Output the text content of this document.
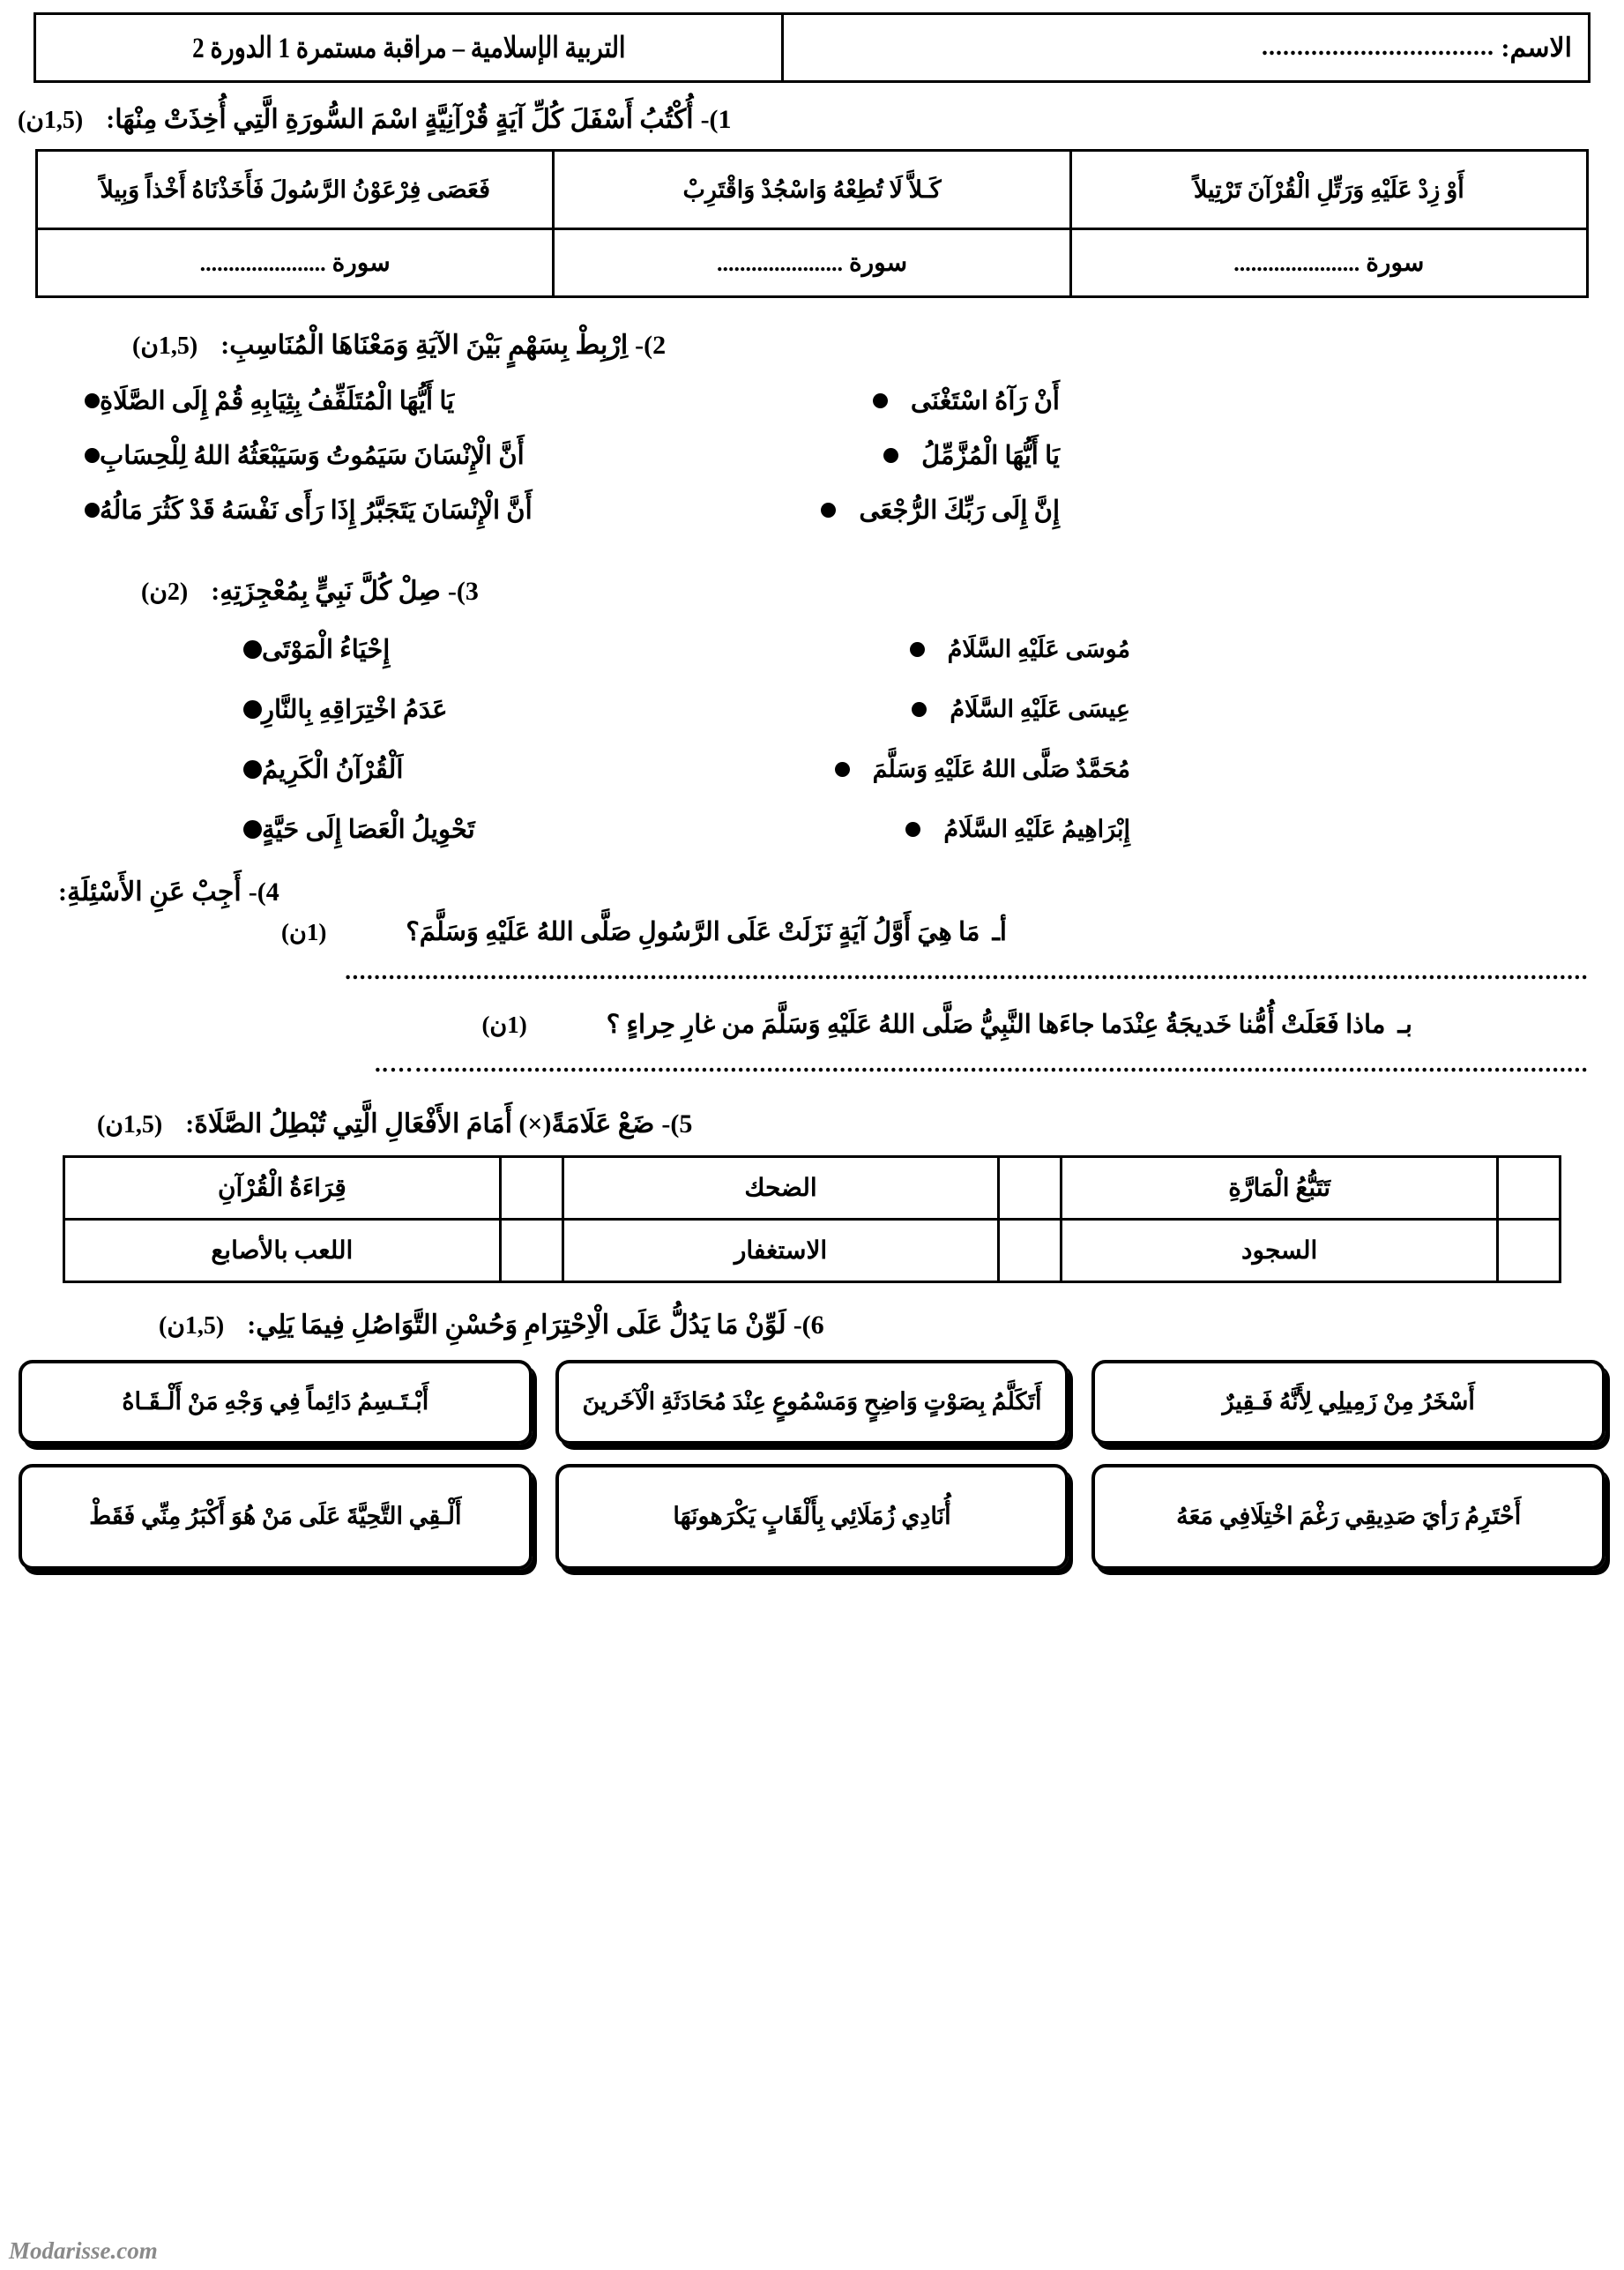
الاسم: .................................	التربية الإسلامية – مراقبة مستمرة 1 الدورة 2
1)-
أُكْتُبُ أَسْفَلَ كُلِّ آيَةٍ قُرْآنِيَّةٍ اسْمَ السُّورَةِ الَّتِي أُخِذَتْ مِنْهَا:
(1,5ن)
أَوْ زِدْ عَلَيْهِ وَرَتِّلِ الْقُرْآنَ تَرْتِيلاً	كَـلاَّ لَا تُطِعْهُ وَاسْجُدْ وَاقْتَرِبْ	فَعَصَى فِرْعَوْنُ الرَّسُولَ فَأَخَذْنَاهُ أَخْذاً وَبِيلاً
سورة ......................	سورة ......................	سورة ......................
2)-
اِرْبِطْ بِسَهْمٍ بَيْنَ الآيَةِ وَمَعْنَاهَا الْمُنَاسِبِ:
(1,5ن)
أَنْ رَآهُ اسْتَغْنَى
يَا أَيُّهَا الْمُتَلَفِّفُ بِثِيَابِهِ قُمْ إِلَى الصَّلَاةِ
يَا أَيُّهَا الْمُزَّمِّلُ
أَنَّ الْإِنْسَانَ سَيَمُوتُ وَسَيَبْعَثُهُ اللهُ لِلْحِسَابِ
إِنَّ إِلَى رَبِّكَ الرُّجْعَى
أَنَّ الْإِنْسَانَ يَتَجَبَّرُ إِذَا رَأَى نَفْسَهُ قَدْ كَثُرَ مَالُهُ
3)-
صِلْ كُلَّ نَبِيٍّ بِمُعْجِزَتِهِ:
(2ن)
مُوسَى عَلَيْهِ السَّلَامُ
إِحْيَاءُ الْمَوْتَى
عِيسَى عَلَيْهِ السَّلَامُ
عَدَمُ اخْتِرَاقِهِ بِالنَّارِ
مُحَمَّدٌ صَلَّى اللهُ عَلَيْهِ وَسَلَّمَ
اَلْقُرْآنُ الْكَرِيمُ
إِبْرَاهِيمُ عَلَيْهِ السَّلَامُ
تَحْوِيلُ الْعَصَا إِلَى حَيَّةٍ
4)-
أَجِبْ عَنِ الأَسْئِلَةِ:
أـ
مَا هِيَ أَوَّلُ آيَةٍ نَزَلَتْ عَلَى الرَّسُولِ صَلَّى اللهُ عَلَيْهِ وَسَلَّمَ؟
(1ن)
...........................................................................................................................................................................
بـ
ماذا فَعَلَتْ أُمُّنا خَديجَةُ عِنْدَما جاءَها النَّبِيُّ صَلَّى اللهُ عَلَيْهِ وَسَلَّمَ من غارِ حِراءٍ ؟
(1ن)
..............................................................................................................................................................……..
5)-
ضَعْ عَلَامَةً(×) أَمَامَ الأَفْعَالِ الَّتِي تُبْطِلُ الصَّلَاةَ:
(1,5ن)
	تَتَبُّعُ الْمَارَّةِ		الضحك		قِرَاءَةُ الْقُرْآنِ
	السجود		الاستغفار		اللعب بالأصابع
6)-
لَوِّنْ مَا يَدُلُّ عَلَى الْاِحْتِرَامِ وَحُسْنِ التَّوَاصُلِ فِيمَا يَلِي:
(1,5ن)
أَسْخَرُ مِنْ زَمِيلِي لِأَنَّهُ فَـقِيرٌ
أَتَكَلَّمُ بِصَوْتٍ وَاضِحٍ وَمَسْمُوعٍ عِنْدَ مُحَادَثَةِ الْآخَرينَ
أَبْـتَـسِمُ دَائِماً فِي وَجْهِ مَنْ أَلْـقَـاهُ
أَحْتَرِمُ رَأيَ صَدِيقِي رَغْمَ اخْتِلَافِي مَعَهُ
أُنَادِي زُمَلَائِي بِأَلْقَابٍ يَكْرَهونَهَا
أَلْـقِي التَّحِيَّةَ عَلَى مَنْ هُوَ أَكْبَرُ مِنِّي فَقَطْ
Modarisse.com
